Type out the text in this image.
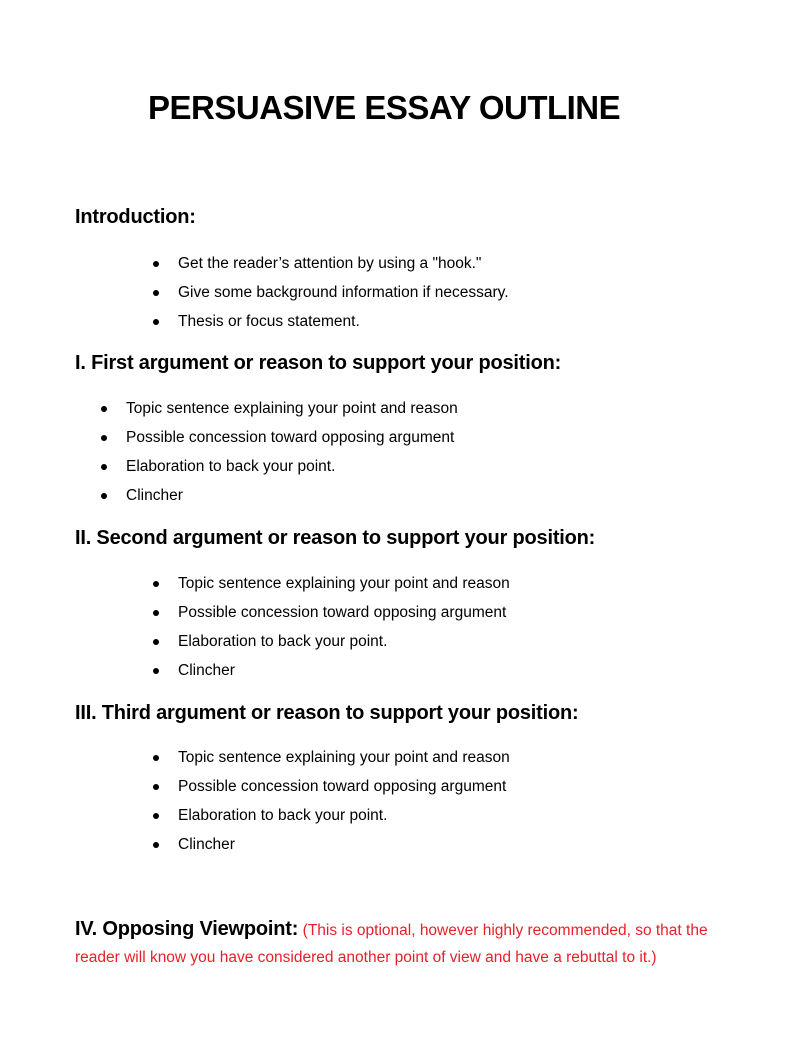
PERSUASIVE ESSAY OUTLINE
Introduction:
Get the reader’s attention by using a "hook."
Give some background information if necessary.
Thesis or focus statement.
I. First argument or reason to support your position:
Topic sentence explaining your point and reason
Possible concession toward opposing argument
Elaboration to back your point.
Clincher
II. Second argument or reason to support your position:
Topic sentence explaining your point and reason
Possible concession toward opposing argument
Elaboration to back your point.
Clincher
III. Third argument or reason to support your position:
Topic sentence explaining your point and reason
Possible concession toward opposing argument
Elaboration to back your point.
Clincher
IV. Opposing Viewpoint: (This is optional, however highly recommended, so that the
reader will know you have considered another point of view and have a rebuttal to it.)
